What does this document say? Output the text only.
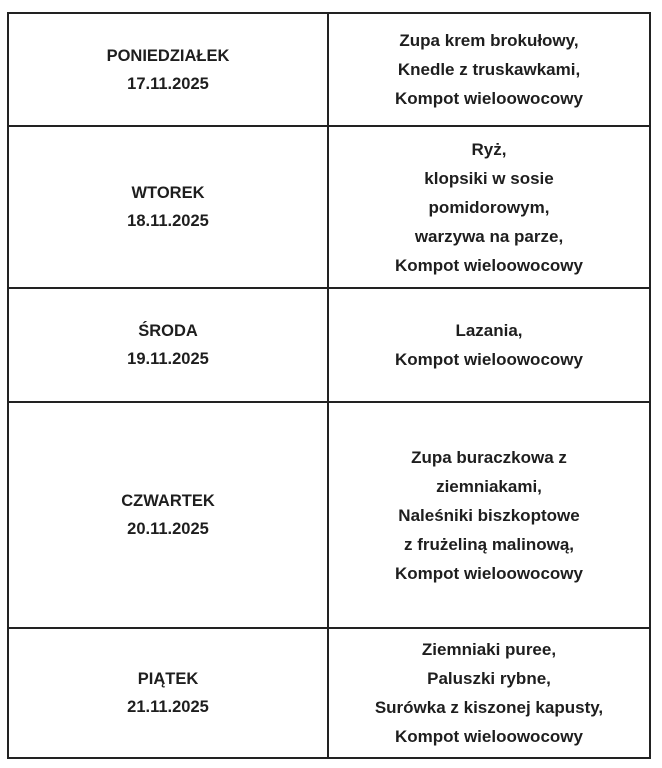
PONIEDZIAŁEK
17.11.2025	Zupa krem brokułowy,
Knedle z truskawkami,
Kompot wieloowocowy

WTOREK
18.11.2025	Ryż,
klopsiki w sosie
pomidorowym,
warzywa na parze,
Kompot wieloowocowy

ŚRODA
19.11.2025	Lazania,
Kompot wieloowocowy

CZWARTEK
20.11.2025	Zupa buraczkowa z
ziemniakami,
Naleśniki biszkoptowe
z frużeliną malinową,
Kompot wieloowocowy

PIĄTEK
21.11.2025	Ziemniaki puree,
Paluszki rybne,
Surówka z kiszonej kapusty,
Kompot wieloowocowy
